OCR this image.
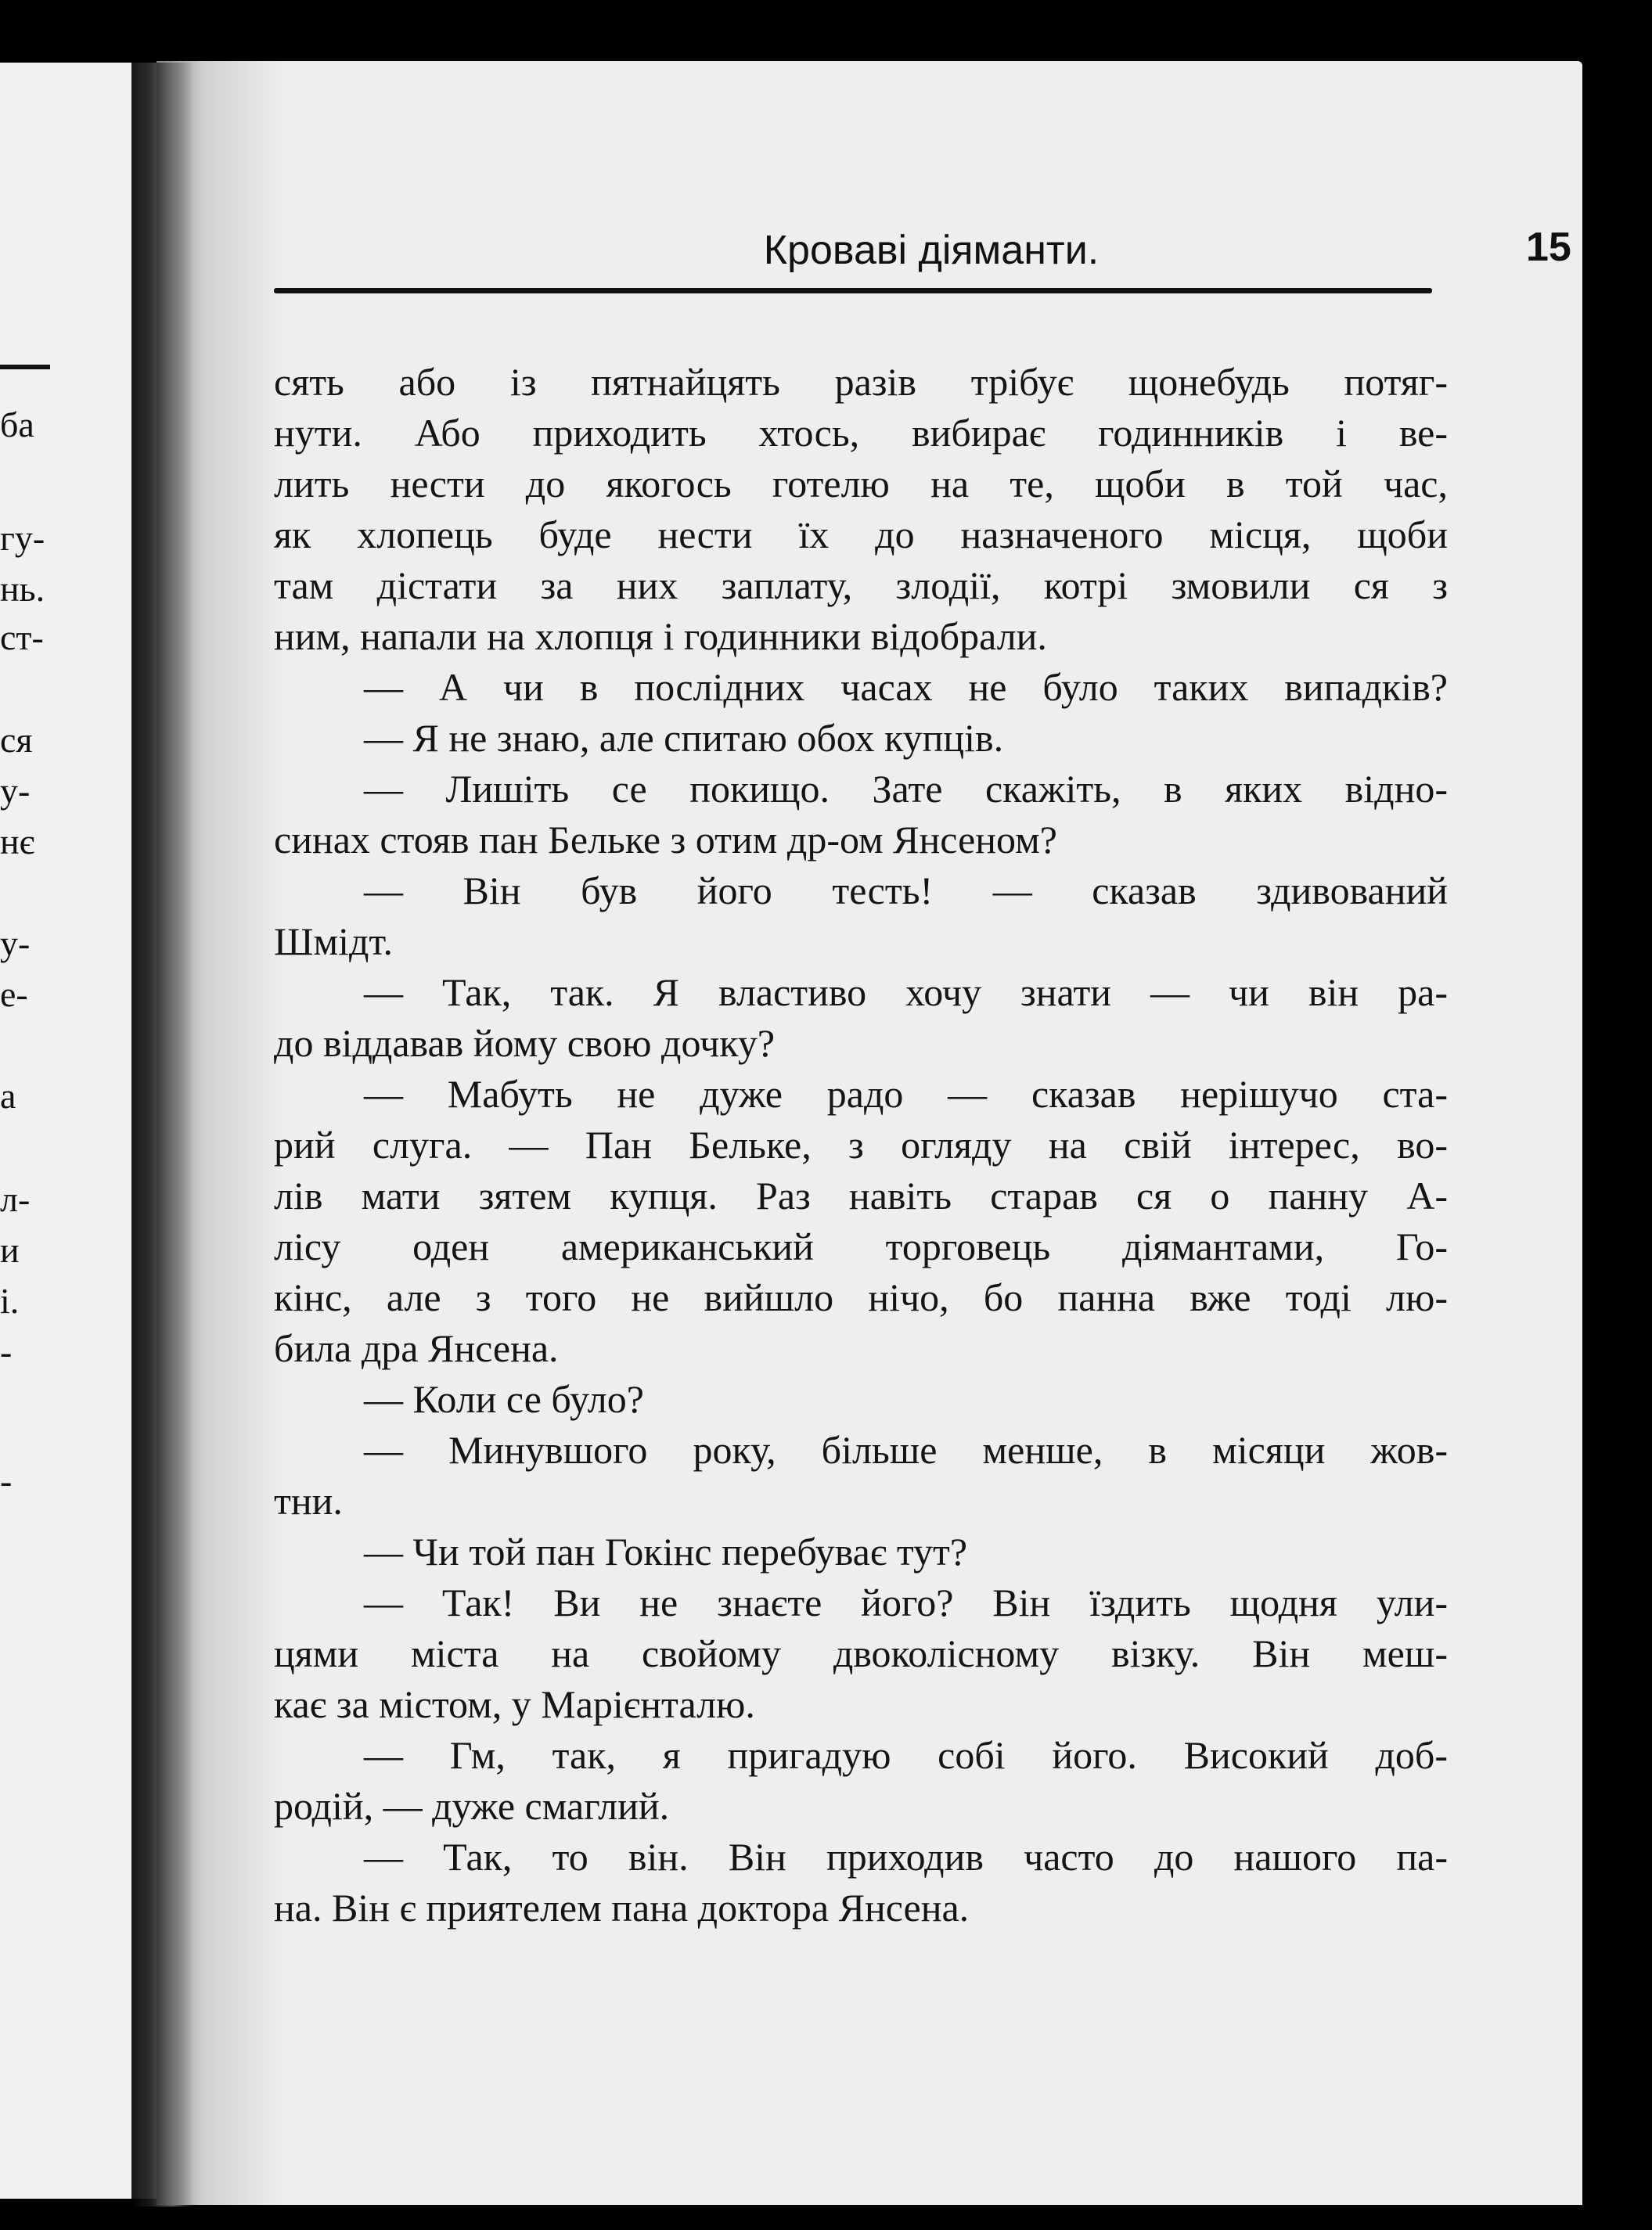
ба
гу-
нь.
ст-
ся
у-
нє
у-
е-
а
л-
и
і.
-
-
Кроваві діяманти.	15
сять або із пятнайцять разів трібує щонебудь потяг-
нути. Або приходить хтось, вибирає годинників і ве-
лить нести до якогось готелю на те, щоби в той час,
як хлопець буде нести їх до назначеного місця, щоби
там дістати за них заплату, злодії, котрі змовили ся з
ним, напали на хлопця і годинники відобрали.
— А чи в послідних часах не було таких випадків?
— Я не знаю, але спитаю обох купців.
— Лишіть се покищо. Зате скажіть, в яких відно-
синах стояв пан Бельке з отим др-ом Янсеном?
— Він був його тесть! — сказав здивований
Шмідт.
— Так, так. Я властиво хочу знати — чи він ра-
до віддавав йому свою дочку?
— Мабуть не дуже радо — сказав нерішучо ста-
рий слуга. — Пан Бельке, з огляду на свій інтерес, во-
лів мати зятем купця. Раз навіть старав ся о панну А-
лісу оден американський торговець діямантами, Го-
кінс, але з того не вийшло нічо, бо панна вже тоді лю-
била дра Янсена.
— Коли се було?
— Минувшого року, більше менше, в місяци жов-
тни.
— Чи той пан Гокінс перебуває тут?
— Так! Ви не знаєте його? Він їздить щодня ули-
цями міста на свойому двоколісному візку. Він меш-
кає за містом, у Марієнталю.
— Гм, так, я пригадую собі його. Високий доб-
родій, — дуже смаглий.
— Так, то він. Він приходив часто до нашого па-
на. Він є приятелем пана доктора Янсена.
